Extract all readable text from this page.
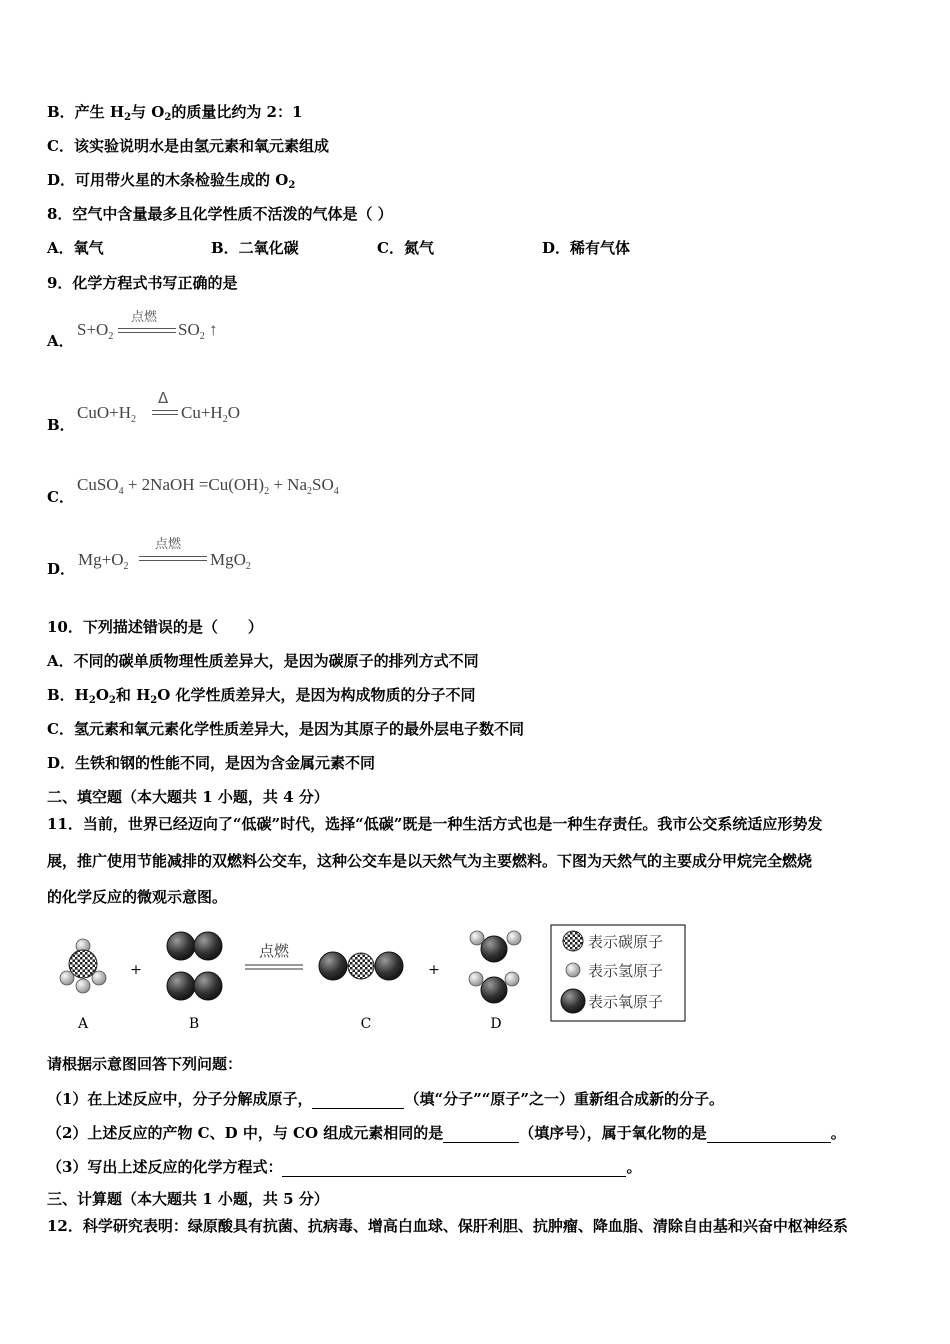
B．产生 $H_2$与 $O_2$的质量比约为 2：1
C．该实验说明水是由氢元素和氧元素组成
D．可用带火星的木条检验生成的 $O_2$
8．空气中含量最多且化学性质不活泼的气体是（ ）
A．氧气	B．二氧化碳	C．氮气	D．稀有气体
9．化学方程式书写正确的是
A．
$S+O_2$
点燃
$SO_2$ ↑
B．
$CuO+H_2$
Δ
$Cu+H_2O$
C．
CuSO$_4$ + 2NaOH $=Cu(OH)_2 + Na_2SO_4$
D． $Mg+O_2$
点燃
MgO$_2$
10．下列描述错误的是（　　）
A．不同的碳单质物理性质差异大，是因为碳原子的排列方式不同
B．$H_2O_2$和 $H_2O$ 化学性质差异大，是因为构成物质的分子不同
C．氢元素和氧元素化学性质差异大，是因为其原子的最外层电子数不同
D．生铁和钢的性能不同，是因为含金属元素不同
二、填空题（本大题共 1 小题，共 4 分）
11．当前，世界已经迈向了“低碳”时代，选择“低碳”既是一种生活方式也是一种生存责任。我市公交系统适应形势发
展，推广使用节能减排的双燃料公交车，这种公交车是以天然气为主要燃料。下图为天然气的主要成分甲烷完全燃烧
的化学反应的微观示意图。
A
+
B
点燃
C
+
D
表示碳原子
表示氢原子
表示氧原子
请根据示意图回答下列问题：
（1）在上述反应中，分子分解成原子，	（填“分子”“原子”之一）重新组合成新的分子。
（2）上述反应的产物 C、D 中，与 CO 组成元素相同的是	（填序号），属于氧化物的是	。
（3）写出上述反应的化学方程式：	。
三、计算题（本大题共 1 小题，共 5 分）
12．科学研究表明：绿原酸具有抗菌、抗病毒、增高白血球、保肝利胆、抗肿瘤、降血脂、清除自由基和兴奋中枢神经系
